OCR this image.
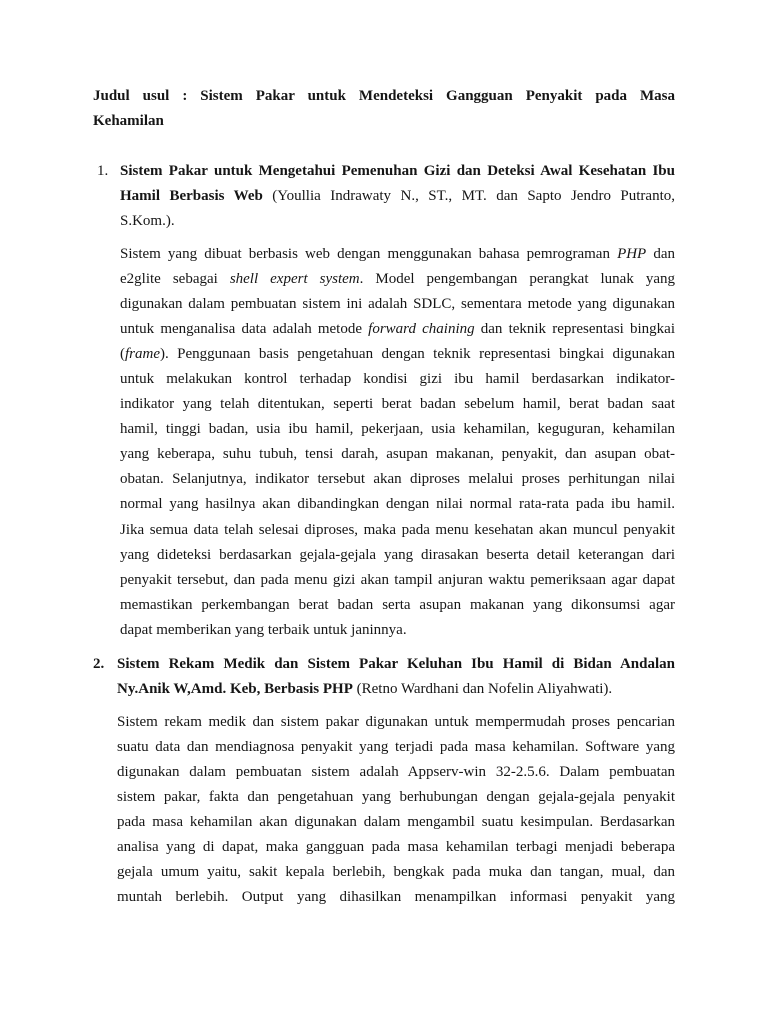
Judul usul : Sistem Pakar untuk Mendeteksi Gangguan Penyakit pada Masa
Kehamilan
1. Sistem Pakar untuk Mengetahui Pemenuhan Gizi dan Deteksi Awal Kesehatan Ibu
Hamil Berbasis Web (Youllia Indrawaty N., ST., MT. dan Sapto Jendro Putranto,
S.Kom.).
Sistem yang dibuat berbasis web dengan menggunakan bahasa pemrograman PHP dan
e2glite sebagai shell expert system. Model pengembangan perangkat lunak yang
digunakan dalam pembuatan sistem ini adalah SDLC, sementara metode yang digunakan
untuk menganalisa data adalah metode forward chaining dan teknik representasi bingkai
(frame). Penggunaan basis pengetahuan dengan teknik representasi bingkai digunakan
untuk melakukan kontrol terhadap kondisi gizi ibu hamil berdasarkan indikator-
indikator yang telah ditentukan, seperti berat badan sebelum hamil, berat badan saat
hamil, tinggi badan, usia ibu hamil, pekerjaan, usia kehamilan, keguguran, kehamilan
yang keberapa, suhu tubuh, tensi darah, asupan makanan, penyakit, dan asupan obat-
obatan. Selanjutnya, indikator tersebut akan diproses melalui proses perhitungan nilai
normal yang hasilnya akan dibandingkan dengan nilai normal rata-rata pada ibu hamil.
Jika semua data telah selesai diproses, maka pada menu kesehatan akan muncul penyakit
yang dideteksi berdasarkan gejala-gejala yang dirasakan beserta detail keterangan dari
penyakit tersebut, dan pada menu gizi akan tampil anjuran waktu pemeriksaan agar dapat
memastikan perkembangan berat badan serta asupan makanan yang dikonsumsi agar
dapat memberikan yang terbaik untuk janinnya.
2. Sistem Rekam Medik dan Sistem Pakar Keluhan Ibu Hamil di Bidan Andalan
Ny.Anik W,Amd. Keb, Berbasis PHP (Retno Wardhani dan Nofelin Aliyahwati).
Sistem rekam medik dan sistem pakar digunakan untuk mempermudah proses pencarian
suatu data dan mendiagnosa penyakit yang terjadi pada masa kehamilan. Software yang
digunakan dalam pembuatan sistem adalah Appserv-win 32-2.5.6. Dalam pembuatan
sistem pakar, fakta dan pengetahuan yang berhubungan dengan gejala-gejala penyakit
pada masa kehamilan akan digunakan dalam mengambil suatu kesimpulan. Berdasarkan
analisa yang di dapat, maka gangguan pada masa kehamilan terbagi menjadi beberapa
gejala umum yaitu, sakit kepala berlebih, bengkak pada muka dan tangan, mual, dan
muntah berlebih. Output yang dihasilkan menampilkan informasi penyakit yang
